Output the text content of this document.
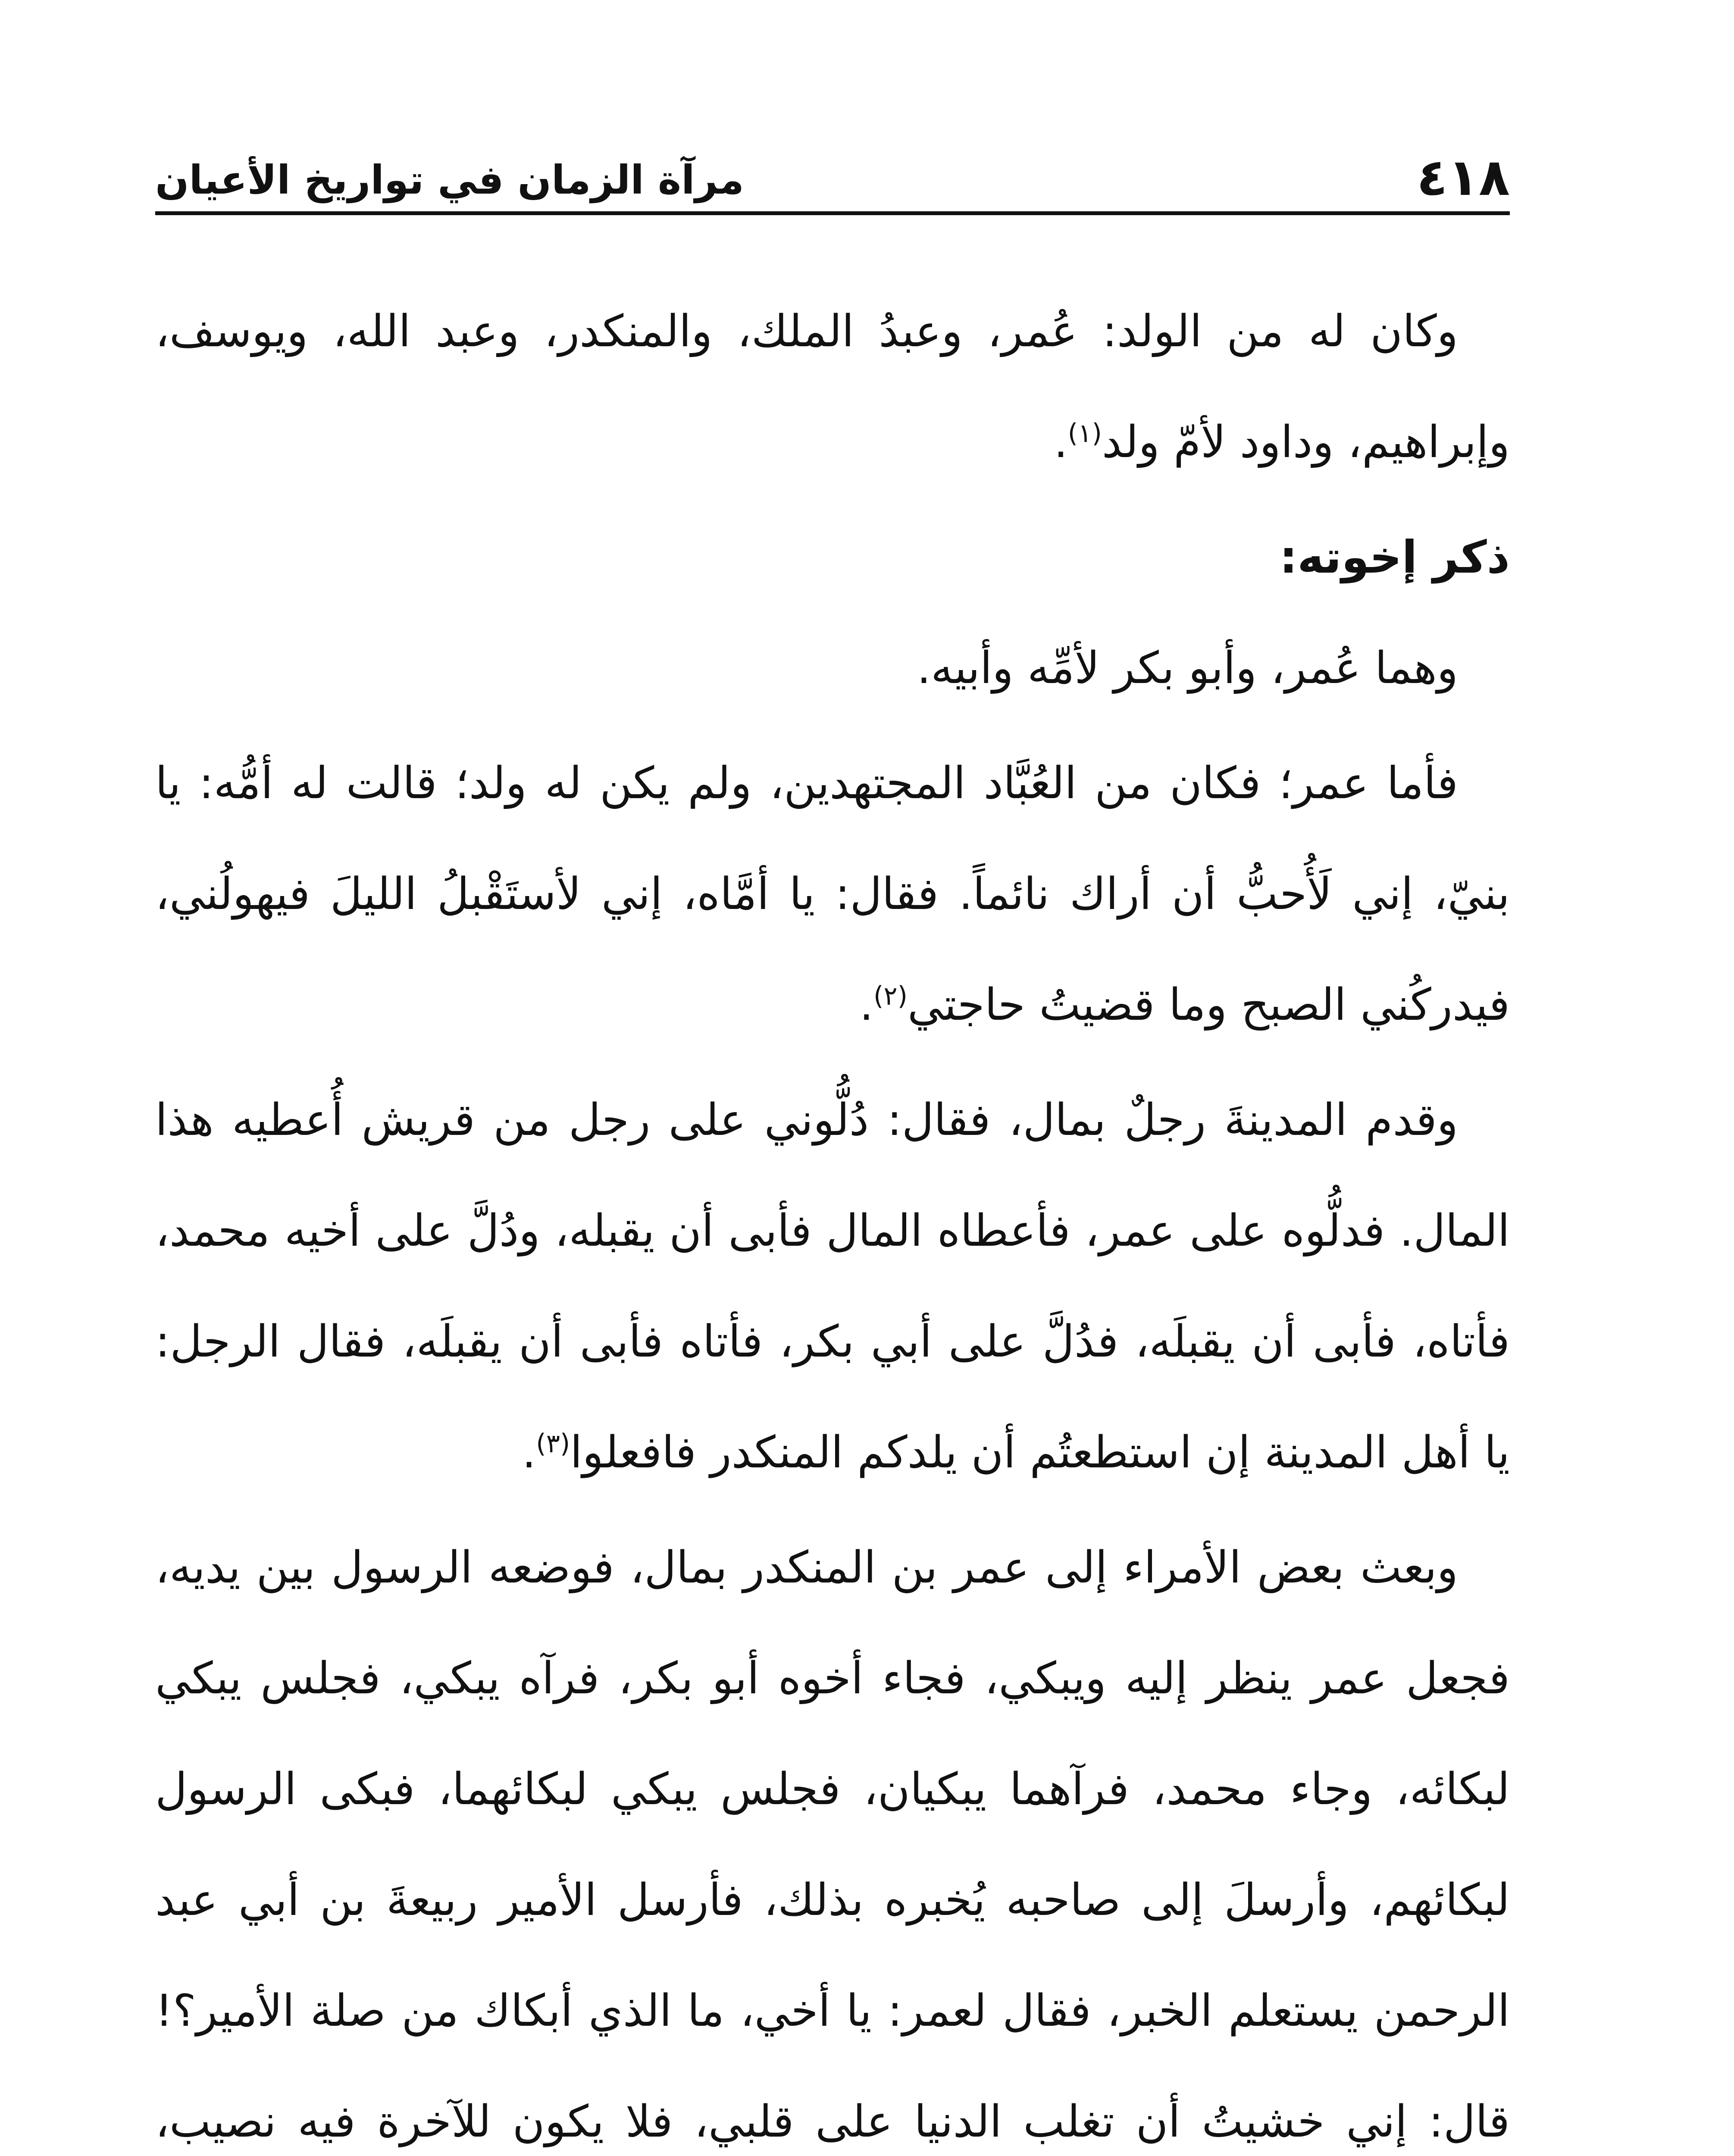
٤١٨
مرآة الزمان في تواريخ الأعيان

وكان له من الولد: عُمر، وعبدُ الملك، والمنكدر، وعبد الله، ويوسف، وإبراهيم، وداود لأمّ ولد$^{(١)}$.

ذكر إخوته:

وهما عُمر، وأبو بكر لأمِّه وأبيه.

فأما عمر؛ فكان من العُبَّاد المجتهدين، ولم يكن له ولد؛ قالت له أمُّه: يا بنيّ، إني لَأُحبُّ أن أراك نائماً. فقال: يا أمَّاه، إني لأستَقْبلُ الليلَ فيهولُني، فيدركُني الصبح وما قضيتُ حاجتي$^{(٢)}$.

وقدم المدينةَ رجلٌ بمال، فقال: دُلُّوني على رجل من قريش أُعطيه هذا المال. فدلُّوه على عمر، فأعطاه المال فأبى أن يقبله، ودُلَّ على أخيه محمد، فأتاه، فأبى أن يقبلَه، فدُلَّ على أبي بكر، فأتاه فأبى أن يقبلَه، فقال الرجل: يا أهل المدينة إن استطعتُم أن يلدكم المنكدر فافعلوا$^{(٣)}$.

وبعث بعض الأمراء إلى عمر بن المنكدر بمال، فوضعه الرسول بين يديه، فجعل عمر ينظر إليه ويبكي، فجاء أخوه أبو بكر، فرآه يبكي، فجلس يبكي لبكائه، وجاء محمد، فرآهما يبكيان، فجلس يبكي لبكائهما، فبكى الرسول لبكائهم، وأرسلَ إلى صاحبه يُخبره بذلك، فأرسل الأمير ربيعةَ بن أبي عبد الرحمن يستعلم الخبر، فقال لعمر: يا أخي، ما الذي أبكاك من صلة الأمير؟! قال: إني خشيتُ أن تغلب الدنيا على قلبي، فلا يكون للآخرة فيه نصيب،
